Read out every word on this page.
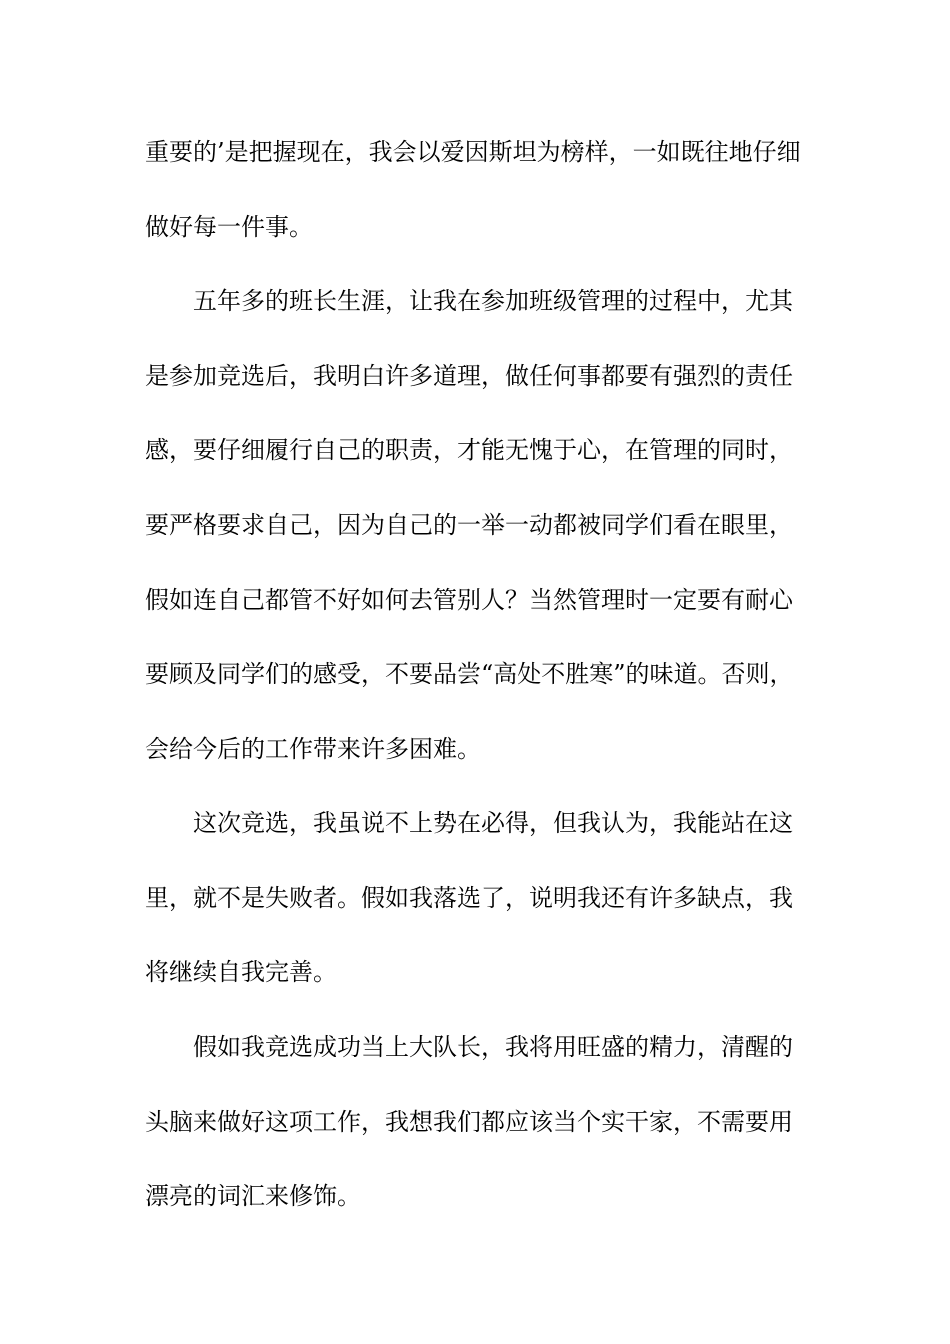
重要的’是把握现在，我会以爱因斯坦为榜样，一如既往地仔细
做好每一件事。
五年多的班长生涯，让我在参加班级管理的过程中，尤其
是参加竞选后，我明白许多道理，做任何事都要有强烈的责任
感，要仔细履行自己的职责，才能无愧于心，在管理的同时，
要严格要求自己，因为自己的一举一动都被同学们看在眼里，
假如连自己都管不好如何去管别人？当然管理时一定要有耐心
要顾及同学们的感受，不要品尝“高处不胜寒”的味道。否则，
会给今后的工作带来许多困难。
这次竞选，我虽说不上势在必得，但我认为，我能站在这
里，就不是失败者。假如我落选了，说明我还有许多缺点，我
将继续自我完善。
假如我竞选成功当上大队长，我将用旺盛的精力，清醒的
头脑来做好这项工作，我想我们都应该当个实干家，不需要用
漂亮的词汇来修饰。
